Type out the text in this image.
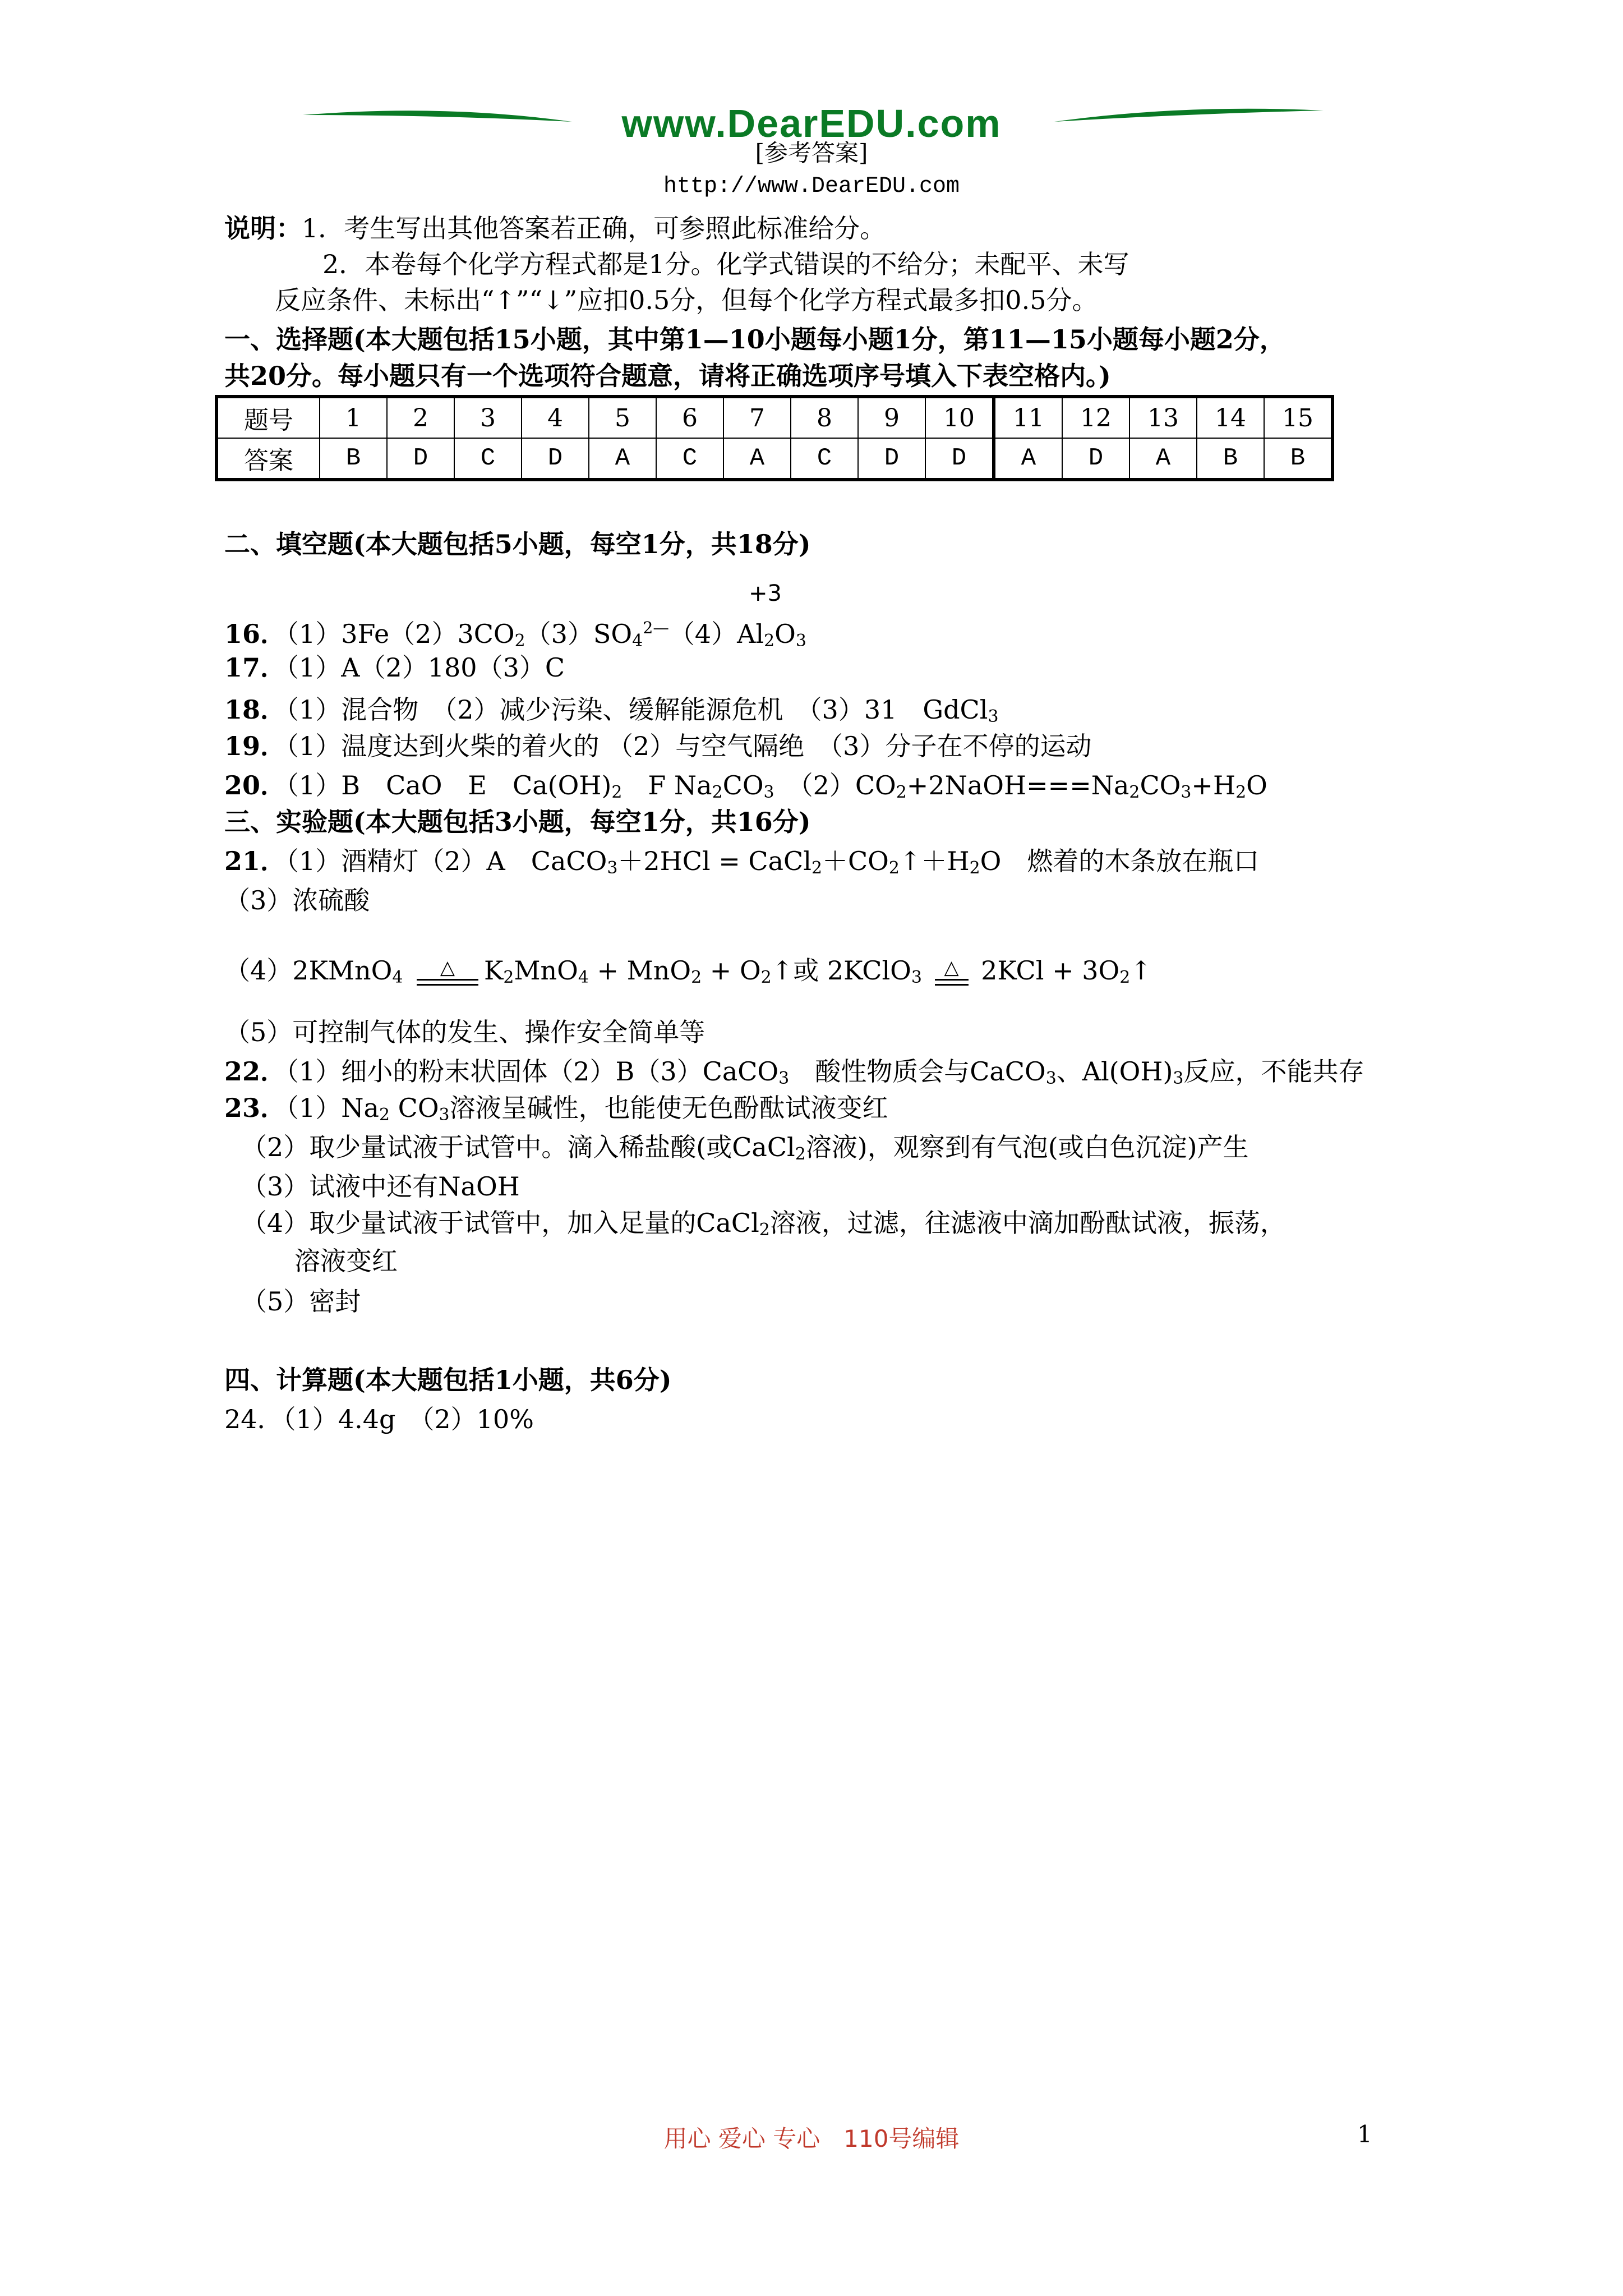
www.DearEDU.com
[参考答案]
http://www.DearEDU.com
说明：1．考生写出其他答案若正确，可参照此标准给分。
2．本卷每个化学方程式都是1分。化学式错误的不给分；未配平、未写
反应条件、未标出“↑”“↓”应扣0.5分，但每个化学方程式最多扣0.5分。
一、选择题(本大题包括15小题，其中第1—10小题每小题1分，第11—15小题每小题2分，
共20分。每小题只有一个选项符合题意，请将正确选项序号填入下表空格内。)
题号	1	2	3	4	5	6	7	8	9	10	11	12	13	14	15
答案	B	D	C	D	A	C	A	C	D	D	A	D	A	B	B
二、填空题(本大题包括5小题，每空1分，共18分)
+3
16．$(1)3Fe(2)3CO_2(3)SO_4^{2—}(4)Al_2O_3$
17．（1）A（2）180（3）C
18．（1）混合物　（2）减少污染、缓解能源危机　（3）31　GdCl$_3$
19．（1）温度达到火柴的着火的 （2）与空气隔绝　（3）分子在不停的运动
20．（1）B　CaO　E　$Ca(OH)_2$　F $Na_2CO_3$　$(2)CO_2+2NaOH===Na_2CO_3+H_2O$
三、实验题(本大题包括3小题，每空1分，共16分)
21．（1）酒精灯（2）A　CaCO$_3$＋2HCl = $CaCl_2+CO_2↑+H_2O$　燃着的木条放在瓶口
（3）浓硫酸
（4）2KMnO$_4$	△	$K_2MnO_4 + MnO_2$ + $O_2↑$或 2KClO$_3$	△ $2KCl + 3O_2↑$
（5）可控制气体的发生、操作安全简单等
22．（1）细小的粉末状固体（2）B（3）CaCO$_3$　酸性物质会与CaCO$_3$、$Al(OH)_3$反应，不能共存
23．$(1)Na_2$ $CO_3$溶液呈碱性，也能使无色酚酞试液变红
（2）取少量试液于试管中。滴入稀盐酸(或CaCl$_2$溶液)，观察到有气泡(或白色沉淀)产生
（3）试液中还有NaOH
（4）取少量试液于试管中，加入足量的CaCl$_2$溶液，过滤，往滤液中滴加酚酞试液，振荡，
溶液变红
（5）密封
四、计算题(本大题包括1小题，共6分)
24．（1）4.4g　（2）10%
用心 爱心 专心　110号编辑	1
